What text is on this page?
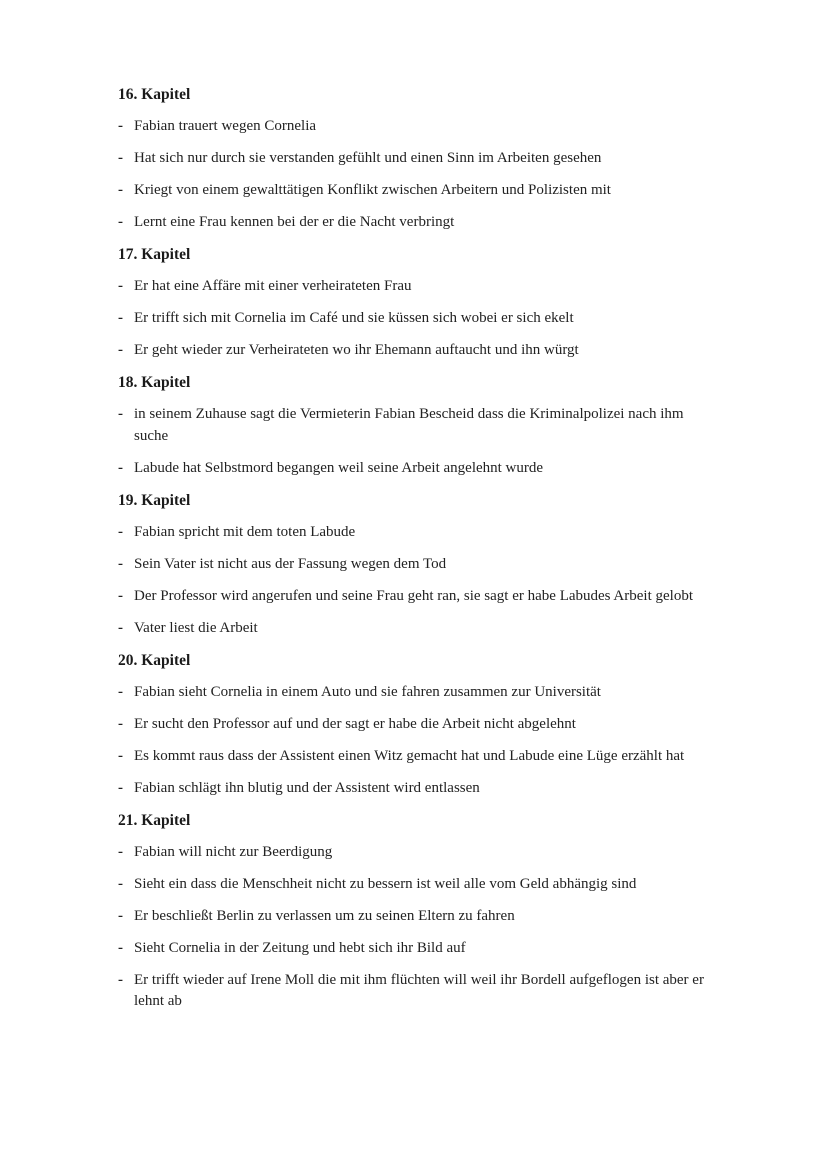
16. Kapitel
- Fabian trauert wegen Cornelia
- Hat sich nur durch sie verstanden gefühlt und einen Sinn im Arbeiten gesehen
- Kriegt von einem gewalttätigen Konflikt zwischen Arbeitern und Polizisten mit
- Lernt eine Frau kennen bei der er die Nacht verbringt
17. Kapitel
- Er hat eine Affäre mit einer verheirateten Frau
- Er trifft sich mit Cornelia im Café und sie küssen sich wobei er sich ekelt
- Er geht wieder zur Verheirateten wo ihr Ehemann auftaucht und ihn würgt
18. Kapitel
- in seinem Zuhause sagt die Vermieterin Fabian Bescheid dass die Kriminalpolizei nach ihm suche
- Labude hat Selbstmord begangen weil seine Arbeit angelehnt wurde
19. Kapitel
- Fabian spricht mit dem toten Labude
- Sein Vater ist nicht aus der Fassung wegen dem Tod
- Der Professor wird angerufen und seine Frau geht ran, sie sagt er habe Labudes Arbeit gelobt
- Vater liest die Arbeit
20. Kapitel
- Fabian sieht Cornelia in einem Auto und sie fahren zusammen zur Universität
- Er sucht den Professor auf und der sagt er habe die Arbeit nicht abgelehnt
- Es kommt raus dass der Assistent einen Witz gemacht hat und Labude eine Lüge erzählt hat
- Fabian schlägt ihn blutig und der Assistent wird entlassen
21. Kapitel
- Fabian will nicht zur Beerdigung
- Sieht ein dass die Menschheit nicht zu bessern ist weil alle vom Geld abhängig sind
- Er beschließt Berlin zu verlassen um zu seinen Eltern zu fahren
- Sieht Cornelia in der Zeitung und hebt sich ihr Bild auf
- Er trifft wieder auf Irene Moll die mit ihm flüchten will weil ihr Bordell aufgeflogen ist aber er lehnt ab
